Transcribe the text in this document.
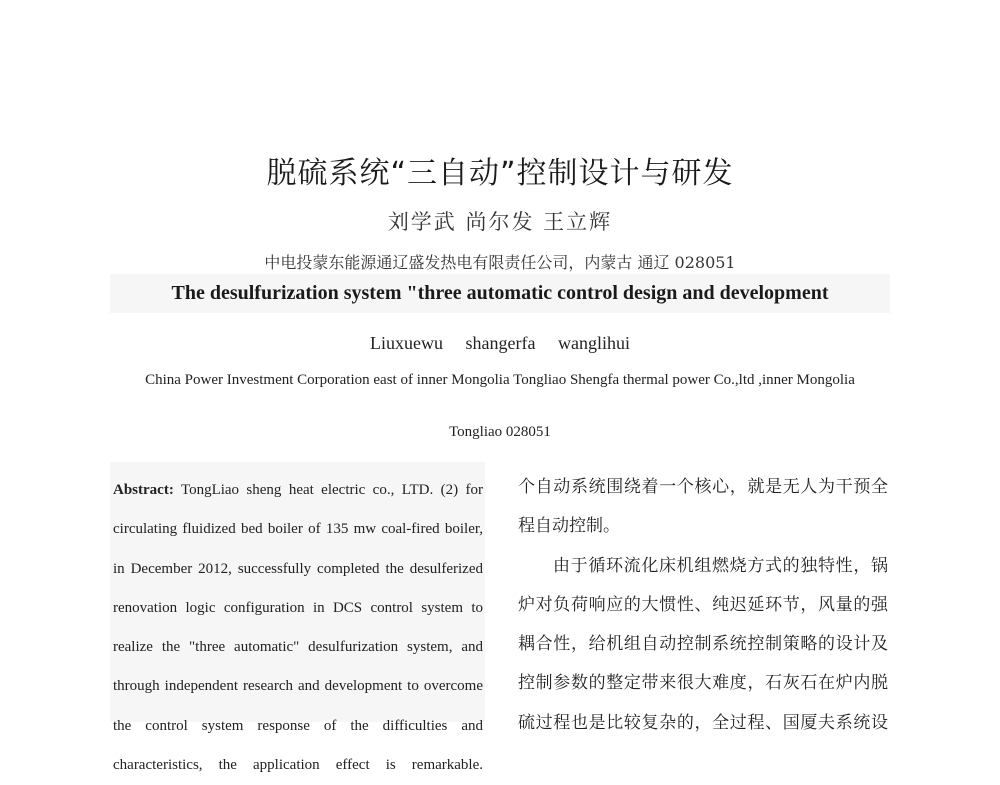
脱硫系统“三自动”控制设计与研发
刘学武 尚尔发 王立辉
中电投蒙东能源通辽盛发热电有限责任公司，内蒙古 通辽 028051
The desulfurization system "three automatic control design and development
Liuxuewu shangerfa wanglihui
China Power Investment Corporation east of inner Mongolia Tongliao Shengfa thermal power Co.,ltd ,inner Mongolia
Tongliao 028051
Abstract: TongLiao sheng heat electric co., LTD. (2) for
circulating fluidized bed boiler of 135 mw coal-fired boiler,
in December 2012, successfully completed the desulferized
renovation logic configuration in DCS control system to
realize the "three automatic" desulfurization system, and
through independent research and development to overcome
the control system response of the difficulties and
characteristics, the application effect is remarkable.
个自动系统围绕着一个核心，就是无人为干预全
程自动控制。
由于循环流化床机组燃烧方式的独特性，锅
炉对负荷响应的大惯性、纯迟延环节，风量的强
耦合性，给机组自动控制系统控制策略的设计及
控制参数的整定带来很大难度，石灰石在炉内脱
硫过程也是比较复杂的，全过程、国厦夫系统设
